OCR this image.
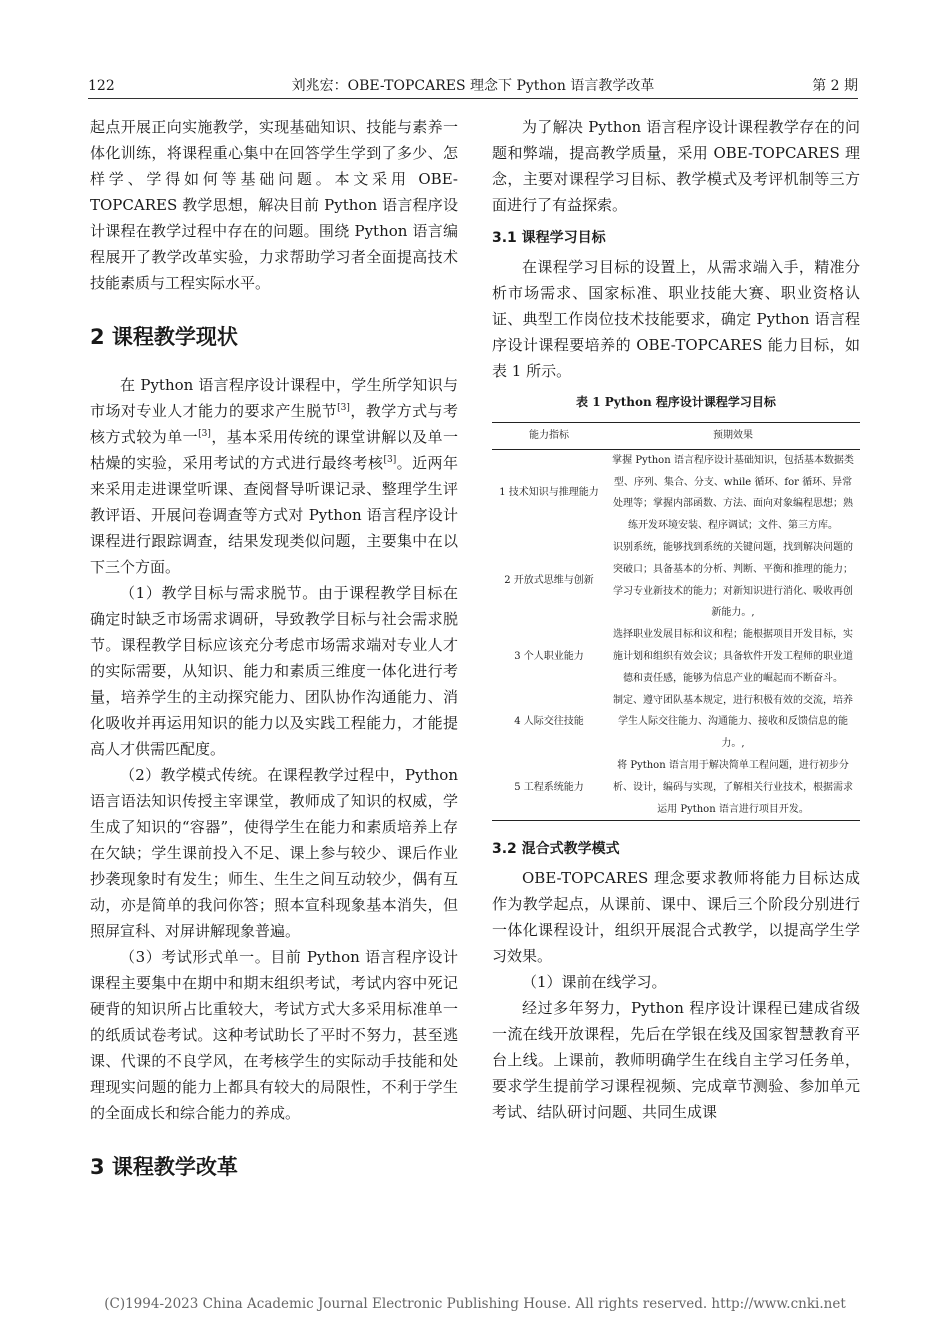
122	刘兆宏：OBE-TOPCARES 理念下 Python 语言教学改革	第 2 期

起点开展正向实施教学，实现基础知识、技能与素养一体化训练，将课程重心集中在回答学生学到了多少、怎样学、学得如何等基础问题。本文采用 OBE-TOPCARES 教学思想，解决目前 Python 语言程序设计课程在教学过程中存在的问题。围绕 Python 语言编程展开了教学改革实验，力求帮助学习者全面提高技术技能素质与工程实际水平。

2 课程教学现状

在 Python 语言程序设计课程中，学生所学知识与市场对专业人才能力的要求产生脱节[3]，教学方式与考核方式较为单一[3]，基本采用传统的课堂讲解以及单一枯燥的实验，采用考试的方式进行最终考核[3]。近两年来采用走进课堂听课、查阅督导听课记录、整理学生评教评语、开展问卷调查等方式对 Python 语言程序设计课程进行跟踪调查，结果发现类似问题，主要集中在以下三个方面。

（1）教学目标与需求脱节。由于课程教学目标在确定时缺乏市场需求调研，导致教学目标与社会需求脱节。课程教学目标应该充分考虑市场需求端对专业人才的实际需要，从知识、能力和素质三维度一体化进行考量，培养学生的主动探究能力、团队协作沟通能力、消化吸收并再运用知识的能力以及实践工程能力，才能提高人才供需匹配度。

（2）教学模式传统。在课程教学过程中，Python 语言语法知识传授主宰课堂，教师成了知识的权威，学生成了知识的“容器”，使得学生在能力和素质培养上存在欠缺；学生课前投入不足、课上参与较少、课后作业抄袭现象时有发生；师生、生生之间互动较少，偶有互动，亦是简单的我问你答；照本宣科现象基本消失，但照屏宣科、对屏讲解现象普遍。

（3）考试形式单一。目前 Python 语言程序设计课程主要集中在期中和期末组织考试，考试内容中死记硬背的知识所占比重较大，考试方式大多采用标准单一的纸质试卷考试。这种考试助长了平时不努力，甚至逃课、代课的不良学风，在考核学生的实际动手技能和处理现实问题的能力上都具有较大的局限性，不利于学生的全面成长和综合能力的养成。

3 课程教学改革

为了解决 Python 语言程序设计课程教学存在的问题和弊端，提高教学质量，采用 OBE-TOPCARES 理念，主要对课程学习目标、教学模式及考评机制等三方面进行了有益探索。

3.1 课程学习目标

在课程学习目标的设置上，从需求端入手，精准分析市场需求、国家标准、职业技能大赛、职业资格认证、典型工作岗位技术技能要求，确定 Python 语言程序设计课程要培养的 OBE-TOPCARES 能力目标，如表 1 所示。

表 1 Python 程序设计课程学习目标
能力指标	预期效果
1 技术知识与推理能力	掌握 Python 语言程序设计基础知识，包括基本数据类型、序列、集合、分支、while 循环、for 循环、异常处理等；掌握内部函数、方法、面向对象编程思想；熟练开发环境安装、程序调试；文件、第三方库。
2 开放式思维与创新	识别系统，能够找到系统的关键问题，找到解决问题的突破口；具备基本的分析、判断、平衡和推理的能力；学习专业新技术的能力；对新知识进行消化、吸收再创新能力。,
3 个人职业能力	选择职业发展目标和议和程；能根据项目开发目标，实施计划和组织有效会议；具备软件开发工程师的职业道德和责任感，能够为信息产业的崛起而不断奋斗。
4 人际交往技能	制定、遵守团队基本规定，进行积极有效的交流，培养学生人际交往能力、沟通能力、接收和反馈信息的能力。,
5 工程系统能力	将 Python 语言用于解决简单工程问题，进行初步分析、设计，编码与实现，了解相关行业技术，根据需求运用 Python 语言进行项目开发。
3.2 混合式教学模式

OBE-TOPCARES 理念要求教师将能力目标达成作为教学起点，从课前、课中、课后三个阶段分别进行一体化课程设计，组织开展混合式教学，以提高学生学习效果。

（1）课前在线学习。

经过多年努力，Python 程序设计课程已建成省级一流在线开放课程，先后在学银在线及国家智慧教育平台上线。上课前，教师明确学生在线自主学习任务单，要求学生提前学习课程视频、完成章节测验、参加单元考试、结队研讨问题、共同生成课

(C)1994-2023 China Academic Journal Electronic Publishing House. All rights reserved. http://www.cnki.net
